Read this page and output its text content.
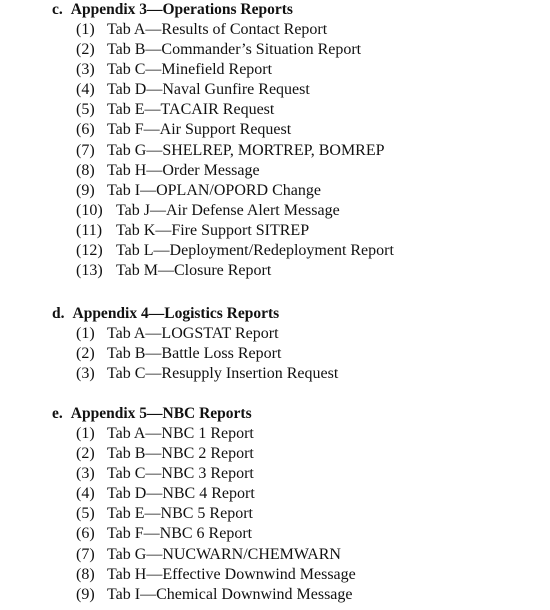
c. Appendix 3—Operations Reports
(1) Tab A—Results of Contact Report
(2) Tab B—Commander’s Situation Report
(3) Tab C—Minefield Report
(4) Tab D—Naval Gunfire Request
(5) Tab E—TACAIR Request
(6) Tab F—Air Support Request
(7) Tab G—SHELREP, MORTREP, BOMREP
(8) Tab H—Order Message
(9) Tab I—OPLAN/OPORD Change
(10) Tab J—Air Defense Alert Message
(11) Tab K—Fire Support SITREP
(12) Tab L—Deployment/Redeployment Report
(13) Tab M—Closure Report
d. Appendix 4—Logistics Reports
(1) Tab A—LOGSTAT Report
(2) Tab B—Battle Loss Report
(3) Tab C—Resupply Insertion Request
e. Appendix 5—NBC Reports
(1) Tab A—NBC 1 Report
(2) Tab B—NBC 2 Report
(3) Tab C—NBC 3 Report
(4) Tab D—NBC 4 Report
(5) Tab E—NBC 5 Report
(6) Tab F—NBC 6 Report
(7) Tab G—NUCWARN/CHEMWARN
(8) Tab H—Effective Downwind Message
(9) Tab I—Chemical Downwind Message
